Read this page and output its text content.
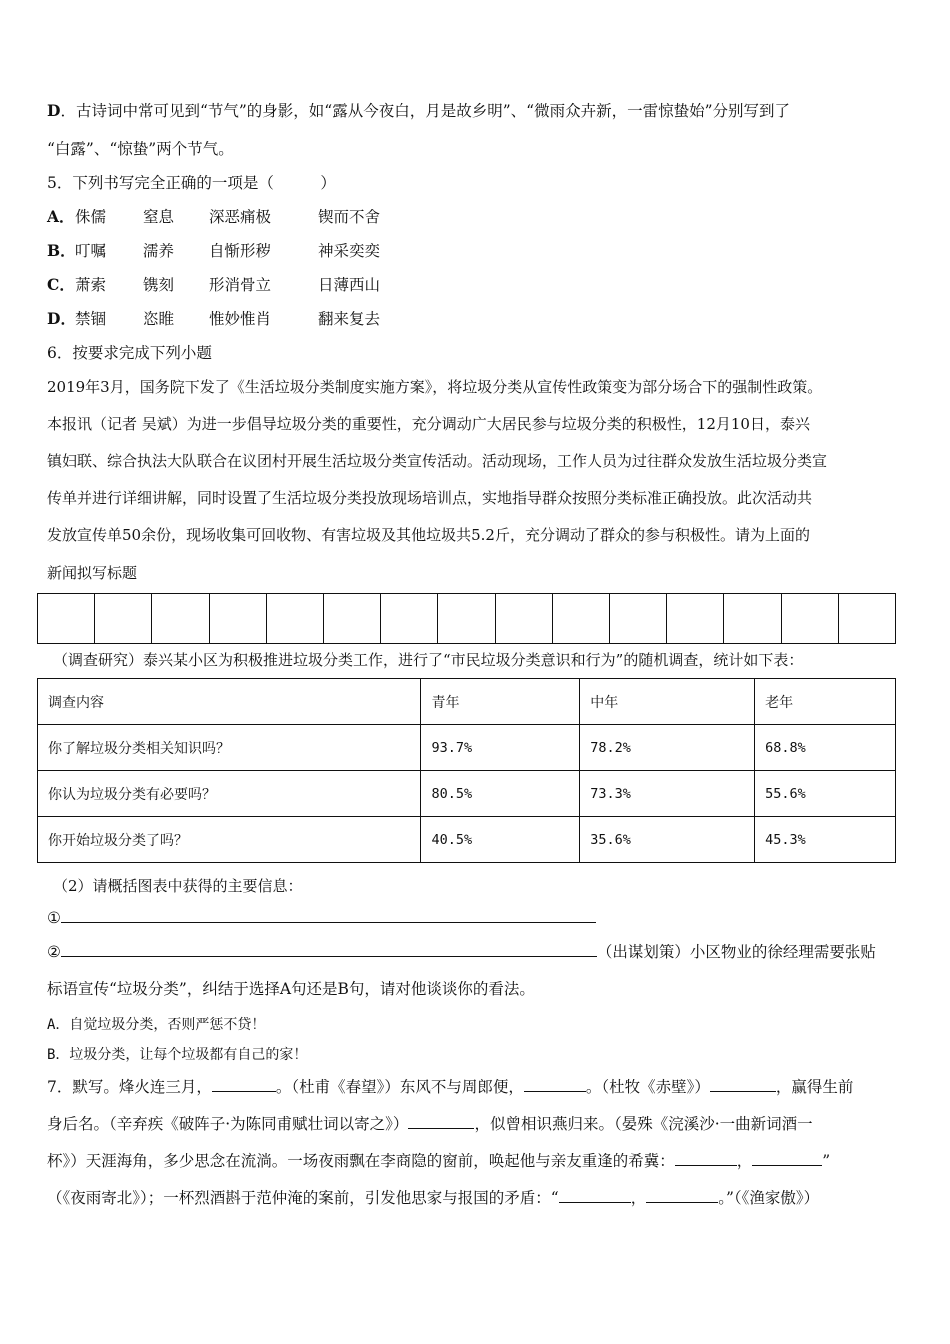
D．古诗词中常可见到“节气”的身影，如“露从今夜白，月是故乡明”、“微雨众卉新，一雷惊蛰始”分别写到了
“白露”、“惊蛰”两个节气。
5．下列书写完全正确的一项是（　　　）
A． 侏儒 窒息 深恶痛极	锲而不舍
B． 叮嘱 濡养 自惭形秽	神采奕奕
C． 萧索 镌刻 形消骨立	日薄西山
D． 禁锢 恣睢 惟妙惟肖	翻来复去
6．按要求完成下列小题
2019年3月，国务院下发了《生活垃圾分类制度实施方案》，将垃圾分类从宣传性政策变为部分场合下的强制性政策。
本报讯（记者 吴斌）为进一步倡导垃圾分类的重要性，充分调动广大居民参与垃圾分类的积极性，12月10日，泰兴
镇妇联、综合执法大队联合在议团村开展生活垃圾分类宣传活动。活动现场，工作人员为过往群众发放生活垃圾分类宣
传单并进行详细讲解，同时设置了生活垃圾分类投放现场培训点，实地指导群众按照分类标准正确投放。此次活动共
发放宣传单50余份，现场收集可回收物、有害垃圾及其他垃圾共5.2斤，充分调动了群众的参与积极性。请为上面的
新闻拟写标题
（调查研究）泰兴某小区为积极推进垃圾分类工作，进行了“市民垃圾分类意识和行为”的随机调查，统计如下表：
调查内容	青年	中年	老年
你了解垃圾分类相关知识吗？	93.7%	78.2%	68.8%
你认为垃圾分类有必要吗？	80.5%	73.3%	55.6%
你开始垃圾分类了吗？	40.5%	35.6%	45.3%
（2）请概括图表中获得的主要信息：
①
②	（出谋划策）小区物业的徐经理需要张贴
标语宣传“垃圾分类”，纠结于选择A句还是B句，请对他谈谈你的看法。
A．自觉垃圾分类，否则严惩不贷！
B．垃圾分类，让每个垃圾都有自己的家！
7．默写。烽火连三月，	。（杜甫《春望》）东风不与周郎便，	。（杜牧《赤壁》）	，赢得生前
身后名。（辛弃疾《破阵子·为陈同甫赋壮词以寄之》）	，似曾相识燕归来。（晏殊《浣溪沙·一曲新词酒一
杯》）天涯海角，多少思念在流淌。一场夜雨飘在李商隐的窗前，唤起他与亲友重逢的希冀：	，	”
（《夜雨寄北》）；一杯烈酒斟于范仲淹的案前，引发他思家与报国的矛盾：“	，	。”（《渔家傲》）
